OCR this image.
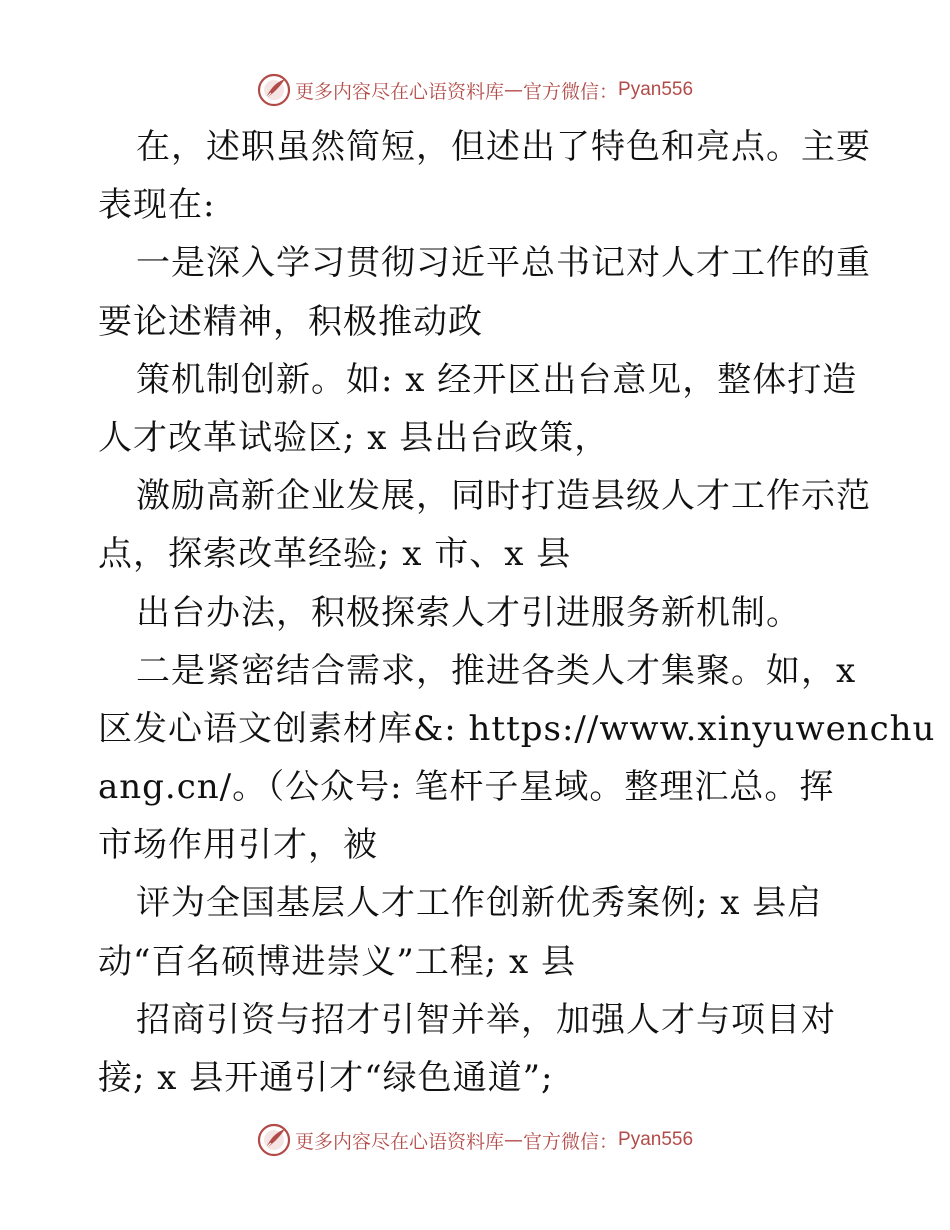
更多内容尽在心语资料库 — 官方微信 ： Pyan556
在，述职虽然简短，但述出了特色和亮点。主要
表现在:
一是深入学习贯彻习近平总书记对人才工作的重
要论述精神，积极推动政
策机制创新。如: x 经开区出台意见，整体打造
人才改革试验区; x 县出台政策，
激励高新企业发展，同时打造县级人才工作示范
点，探索改革经验; x 市、x 县
出台办法，积极探索人才引进服务新机制。
二是紧密结合需求，推进各类人才集聚。如，x
区发心语文创素材库&: https://www.xinyuwenchu
ang.cn/。（公众号: 笔杆子星域。整理汇总。挥
市场作用引才，被
评为全国基层人才工作创新优秀案例; x 县启
动“百名硕博进崇义”工程; x 县
招商引资与招才引智并举，加强人才与项目对
接; x 县开通引才“绿色通道”;
更多内容尽在心语资料库 — 官方微信 ： Pyan556
